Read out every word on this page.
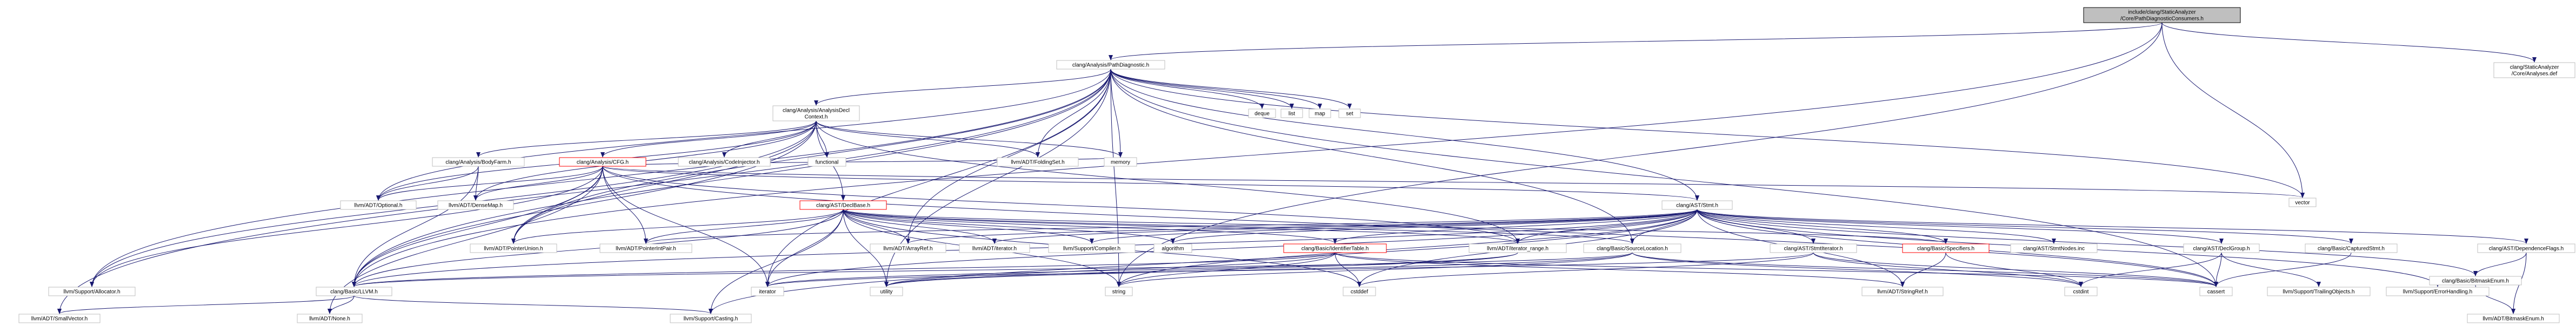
include/clang/StaticAnalyzer
/Core/PathDiagnosticConsumers.h
clang/Analysis/PathDiagnostic.h	clang/StaticAnalyzer
/Core/Analyses.def
clang/Analysis/AnalysisDecl
Context.h
deque	list	map	set
clang/Analysis/BodyFarm.h	clang/Analysis/CFG.h	clang/Analysis/CodeInjector.h	functional	llvm/ADT/FoldingSet.h	memory
vector
llvm/ADT/Optional.h	llvm/ADT/DenseMap.h	clang/AST/DeclBase.h	clang/AST/Stmt.h
llvm/ADT/PointerUnion.h	llvm/ADT/PointerIntPair.h	llvm/ADT/ArrayRef.h	llvm/ADT/iterator.h	llvm/Support/Compiler.h	algorithm	clang/Basic/IdentifierTable.h	llvm/ADT/iterator_range.h	clang/Basic/SourceLocation.h	clang/AST/StmtIterator.h	clang/Basic/Specifiers.h	clang/AST/StmtNodes.inc	clang/AST/DeclGroup.h	clang/Basic/CapturedStmt.h	clang/AST/DependenceFlags.h
llvm/Support/Allocator.h	clang/Basic/LLVM.h	iterator	utility	string	cstddef	llvm/ADT/StringRef.h	cstdint	cassert	llvm/Support/TrailingObjects.h	llvm/Support/ErrorHandling.h
clang/Basic/BitmaskEnum.h
llvm/ADT/SmallVector.h	llvm/ADT/None.h	llvm/Support/Casting.h	llvm/ADT/BitmaskEnum.h
